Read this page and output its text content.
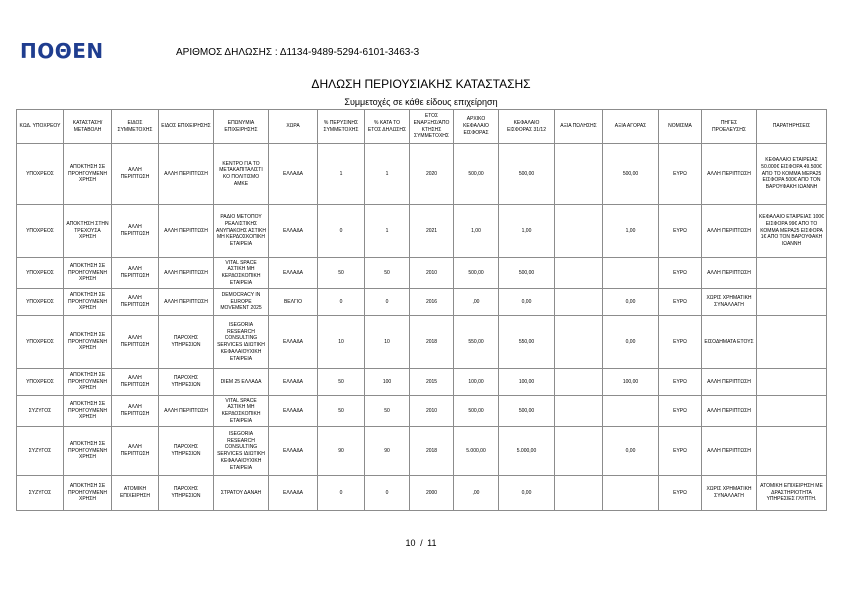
ΠΟΘΕΝ	ΑΡΙΘΜΟΣ ΔΗΛΩΣΗΣ : Δ1134-9489-5294-6101-3463-3
ΔΗΛΩΣΗ ΠΕΡΙΟΥΣΙΑΚΗΣ ΚΑΤΑΣΤΑΣΗΣ
Συμμετοχές σε κάθε είδους επιχείρηση
ΚΩΔ. ΥΠΟΧΡΕΟΥ	ΚΑΤΑΣΤΑΣΗ/ ΜΕΤΑΒΟΛΗ	ΕΙΔΟΣ ΣΥΜΜΕΤΟΧΗΣ	ΕΙΔΟΣ ΕΠΙΧΕΙΡΗΣΗΣ	ΕΠΩΝΥΜΙΑ ΕΠΙΧΕΙΡΗΣΗΣ	ΧΩΡΑ	% ΠΕΡΥΣΙΝΗΣ ΣΥΜΜΕΤΟΧΗΣ	% ΚΑΤΑ ΤΟ ΕΤΟΣ ΔΗΛΩΣΗΣ	ΕΤΟΣ ΕΝΑΡΞΗΣ/ΑΠΟ ΚΤΗΣΗΣ ΣΥΜΜΕΤΟΧΗΣ	ΑΡΧΙΚΟ ΚΕΦΑΛΑΙΟ ΕΙΣΦΟΡΑΣ	ΚΕΦΑΛΑΙΟ ΕΙΣΦΟΡΑΣ 31/12	ΑΞΙΑ ΠΩΛΗΣΗΣ	ΑΞΙΑ ΑΓΟΡΑΣ	ΝΟΜΙΣΜΑ	ΠΗΓΕΣ ΠΡΟΕΛΕΥΣΗΣ	ΠΑΡΑΤΗΡΗΣΕΙΣ
ΥΠΟΧΡΕΟΣ	ΑΠΟΚΤΗΣΗ ΣΕ ΠΡΟΗΓΟΥΜΕΝΗ ΧΡΗΣΗ	ΑΛΛΗ ΠΕΡΙΠΤΩΣΗ	ΑΛΛΗ ΠΕΡΙΠΤΩΣΗ	ΚΕΝΤΡΟ ΓΙΑ ΤΟ ΜΕΤΑΚΑΠΙΤΑΛΙΣΤΙ ΚΟ ΠΟΛΙΤΙΣΜΟ ΑΜΚΕ	ΕΛΛΑΔΑ	1	1	2020	500,00	500,00		500,00	ΕΥΡΩ	ΑΛΛΗ ΠΕΡΙΠΤΩΣΗ	ΚΕΦΑΛΑΙΟ ΕΤΑΙΡΕΙΑΣ 50.000€ ΕΙΣΦΟΡΑ 49.500€ ΑΠΟ ΤΟ ΚΟΜΜΑ ΜΕΡΑ25 ΕΙΣΦΟΡΑ 500€ ΑΠΟ ΤΟΝ ΒΑΡΟΥΦΑΚΗ ΙΩΑΝΝΗ
ΥΠΟΧΡΕΟΣ	ΑΠΟΚΤΗΣΗ ΣΤΗΝ ΤΡΕΧΟΥΣΑ ΧΡΗΣΗ	ΑΛΛΗ ΠΕΡΙΠΤΩΣΗ	ΑΛΛΗ ΠΕΡΙΠΤΩΣΗ	ΡΑΔΙΟ ΜΕΤΟΠΟΥ ΡΕΑΛΙΣΤΙΚΗΣ ΑΝΥΠΑΚΟΗΣ ΑΣΤΙΚΗ ΜΗ ΚΕΡΔΟΣΚΟΠΙΚΗ ΕΤΑΙΡΕΙΑ	ΕΛΛΑΔΑ	0	1	2021	1,00	1,00		1,00	ΕΥΡΩ	ΑΛΛΗ ΠΕΡΙΠΤΩΣΗ	ΚΕΦΑΛΑΙΟ ΕΤΑΙΡΕΙΑΣ 100€ ΕΙΣΦΟΡΑ 99€ ΑΠΟ ΤΟ ΚΟΜΜΑ ΜΕΡΑ25 ΕΙΣΦΟΡΑ 1€ ΑΠΟ ΤΟΝ ΒΑΡΟΥΦΑΚΗ ΙΩΑΝΝΗ
ΥΠΟΧΡΕΟΣ	ΑΠΟΚΤΗΣΗ ΣΕ ΠΡΟΗΓΟΥΜΕΝΗ ΧΡΗΣΗ	ΑΛΛΗ ΠΕΡΙΠΤΩΣΗ	ΑΛΛΗ ΠΕΡΙΠΤΩΣΗ	VITAL SPACE ΑΣΤΙΚΗ ΜΗ ΚΕΡΔΟΣΚΟΠΙΚΗ ΕΤΑΙΡΕΙΑ	ΕΛΛΑΔΑ	50	50	2010	500,00	500,00			ΕΥΡΩ	ΑΛΛΗ ΠΕΡΙΠΤΩΣΗ	
ΥΠΟΧΡΕΟΣ	ΑΠΟΚΤΗΣΗ ΣΕ ΠΡΟΗΓΟΥΜΕΝΗ ΧΡΗΣΗ	ΑΛΛΗ ΠΕΡΙΠΤΩΣΗ	ΑΛΛΗ ΠΕΡΙΠΤΩΣΗ	DEMOCRACY IN EUROPE MOVEMENT 2025	ΒΕΛΓΙΟ	0	0	2016	,00	0,00		0,00	ΕΥΡΩ	ΧΩΡΙΣ ΧΡΗΜΑΤΙΚΗ ΣΥΝΑΛΛΑΓΗ	
ΥΠΟΧΡΕΟΣ	ΑΠΟΚΤΗΣΗ ΣΕ ΠΡΟΗΓΟΥΜΕΝΗ ΧΡΗΣΗ	ΑΛΛΗ ΠΕΡΙΠΤΩΣΗ	ΠΑΡΟΧΗΣ ΥΠΗΡΕΣΙΩΝ	ISEGORIA RESEARCH CONSULTING SERVICES ΙΔΙΩΤΙΚΗ ΚΕΦΑΛΑΙΟΥΧΙΚΗ ΕΤΑΙΡΕΙΑ	ΕΛΛΑΔΑ	10	10	2018	550,00	550,00		0,00	ΕΥΡΩ	ΕΙΣΟΔΗΜΑΤΑ ΕΤΟΥΣ	
ΥΠΟΧΡΕΟΣ	ΑΠΟΚΤΗΣΗ ΣΕ ΠΡΟΗΓΟΥΜΕΝΗ ΧΡΗΣΗ	ΑΛΛΗ ΠΕΡΙΠΤΩΣΗ	ΠΑΡΟΧΗΣ ΥΠΗΡΕΣΙΩΝ	DIEM 25 ΕΛΛΑΔΑ	ΕΛΛΑΔΑ	50	100	2015	100,00	100,00		100,00	ΕΥΡΩ	ΑΛΛΗ ΠΕΡΙΠΤΩΣΗ	
ΣΥΖΥΓΟΣ	ΑΠΟΚΤΗΣΗ ΣΕ ΠΡΟΗΓΟΥΜΕΝΗ ΧΡΗΣΗ	ΑΛΛΗ ΠΕΡΙΠΤΩΣΗ	ΑΛΛΗ ΠΕΡΙΠΤΩΣΗ	VITAL SPACE ΑΣΤΙΚΗ ΜΗ ΚΕΡΔΟΣΚΟΠΙΚΗ ΕΤΑΙΡΕΙΑ	ΕΛΛΑΔΑ	50	50	2010	500,00	500,00			ΕΥΡΩ	ΑΛΛΗ ΠΕΡΙΠΤΩΣΗ	
ΣΥΖΥΓΟΣ	ΑΠΟΚΤΗΣΗ ΣΕ ΠΡΟΗΓΟΥΜΕΝΗ ΧΡΗΣΗ	ΑΛΛΗ ΠΕΡΙΠΤΩΣΗ	ΠΑΡΟΧΗΣ ΥΠΗΡΕΣΙΩΝ	ISEGORIA RESEARCH CONSULTING SERVICES ΙΔΙΩΤΙΚΗ ΚΕΦΑΛΑΙΟΥΧΙΚΗ ΕΤΑΙΡΕΙΑ	ΕΛΛΑΔΑ	90	90	2018	5.000,00	5.000,00		0,00	ΕΥΡΩ	ΑΛΛΗ ΠΕΡΙΠΤΩΣΗ	
ΣΥΖΥΓΟΣ	ΑΠΟΚΤΗΣΗ ΣΕ ΠΡΟΗΓΟΥΜΕΝΗ ΧΡΗΣΗ	ΑΤΟΜΙΚΗ ΕΠΙΧΕΙΡΗΣΗ	ΠΑΡΟΧΗΣ ΥΠΗΡΕΣΙΩΝ	ΣΤΡΑΤΟΥ ΔΑΝΑΗ	ΕΛΛΑΔΑ	0	0	2000	,00	0,00			ΕΥΡΩ	ΧΩΡΙΣ ΧΡΗΜΑΤΙΚΗ ΣΥΝΑΛΛΑΓΗ	ΑΤΟΜΙΚΗ ΕΠΙΧΕΙΡΗΣΗ ΜΕ ΔΡΑΣΤΗΡΙΟΤΗΤΑ ΥΠΗΡΕΣΙΕΣ ΓΛΥΠΤΗ.
10 / 11
